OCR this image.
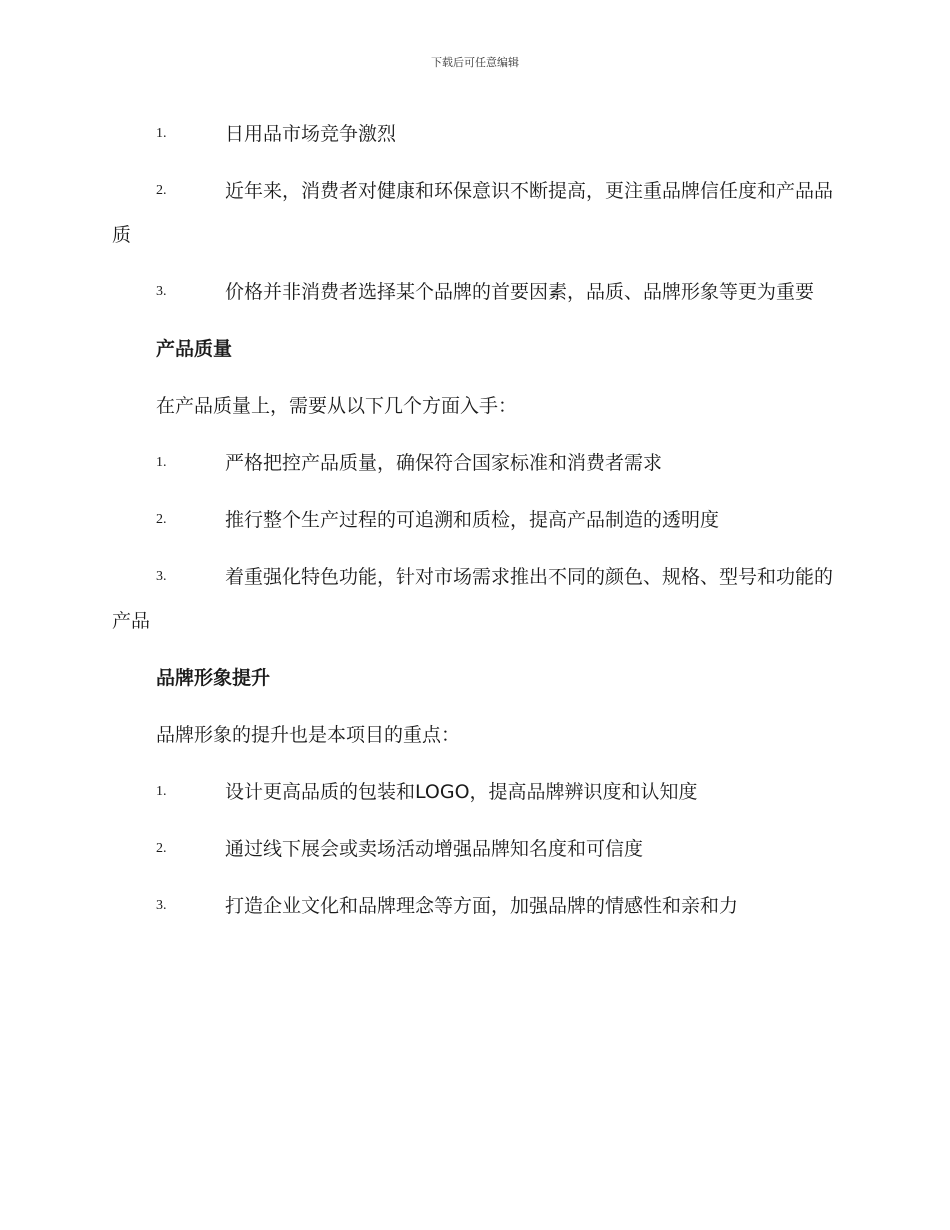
下载后可任意编辑
1.	日用品市场竞争激烈
2.	近年来，消费者对健康和环保意识不断提高，更注重品牌信任度和产品品质
3.	价格并非消费者选择某个品牌的首要因素，品质、品牌形象等更为重要
产品质量
在产品质量上，需要从以下几个方面入手：
1.	严格把控产品质量，确保符合国家标准和消费者需求
2.	推行整个生产过程的可追溯和质检，提高产品制造的透明度
3.	着重强化特色功能，针对市场需求推出不同的颜色、规格、型号和功能的产品
品牌形象提升
品牌形象的提升也是本项目的重点：
1.	设计更高品质的包装和LOGO，提高品牌辨识度和认知度
2.	通过线下展会或卖场活动增强品牌知名度和可信度
3.	打造企业文化和品牌理念等方面，加强品牌的情感性和亲和力
